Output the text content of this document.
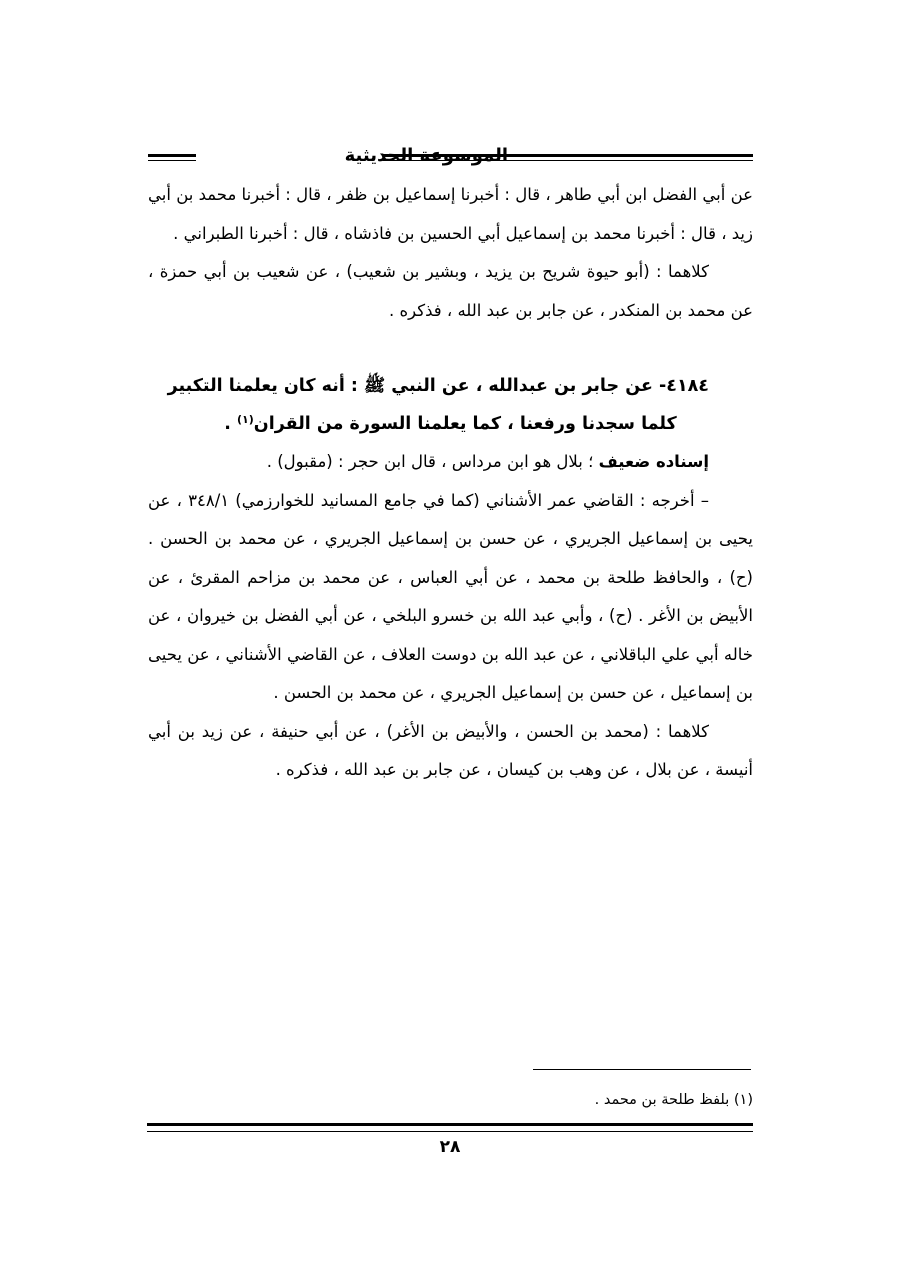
الموسوعة الحديثية

عن أبي الفضل ابن أبي طاهر ، قال : أخبرنا إسماعيل بن ظفر ، قال : أخبرنا محمد بن أبي زيد ، قال : أخبرنا محمد بن إسماعيل أبي الحسين بن فاذشاه ، قال : أخبرنا الطبراني .

كلاهما : (أبو حيوة شريح بن يزيد ، وبشير بن شعيب) ، عن شعيب بن أبي حمزة ، عن محمد بن المنكدر ، عن جابر بن عبد الله ، فذكره .

٤١٨٤- عن جابر بن عبدالله ، عن النبي ﷺ : أنه كان يعلمنا التكبير

كلما سجدنا ورفعنا ، كما يعلمنا السورة من القران$^{(١)}$ .

إسناده ضعيف ؛ بلال هو ابن مرداس ، قال ابن حجر : (مقبول) .

– أخرجه : القاضي عمر الأشناني (كما في جامع المسانيد للخوارزمي) ٣٤٨/١ ، عن يحيى بن إسماعيل الجريري ، عن حسن بن إسماعيل الجريري ، عن محمد بن الحسن . (ح) ، والحافظ طلحة بن محمد ، عن أبي العباس ، عن محمد بن مزاحم المقرئ ، عن الأبيض بن الأغر . (ح) ، وأبي عبد الله بن خسرو البلخي ، عن أبي الفضل بن خيروان ، عن خاله أبي علي الباقلاني ، عن عبد الله بن دوست العلاف ، عن القاضي الأشناني ، عن يحيى بن إسماعيل ، عن حسن بن إسماعيل الجريري ، عن محمد بن الحسن .

كلاهما : (محمد بن الحسن ، والأبيض بن الأغر) ، عن أبي حنيفة ، عن زيد بن أبي أنيسة ، عن بلال ، عن وهب بن كيسان ، عن جابر بن عبد الله ، فذكره .

(١) بلفظ طلحة بن محمد .
٢٨
